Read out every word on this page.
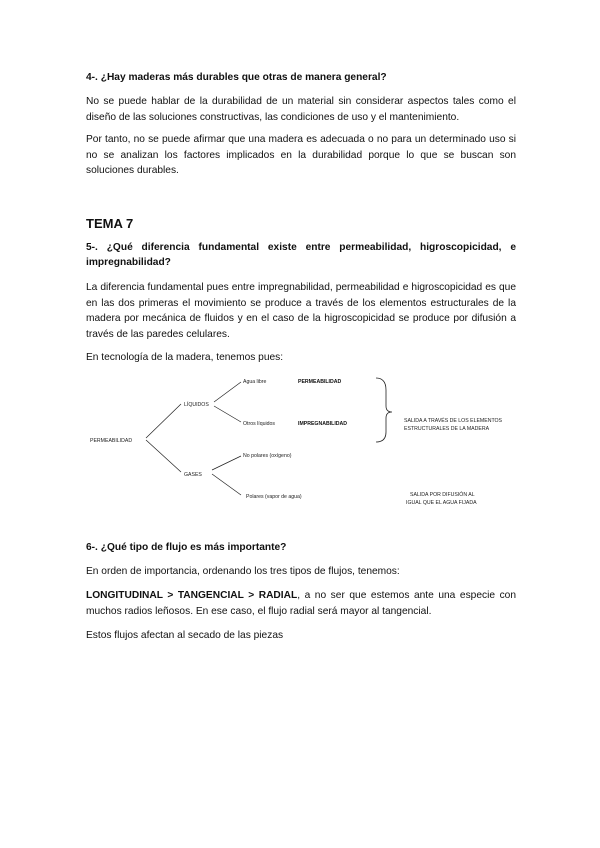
4-. ¿Hay maderas más durables que otras de manera general?
No se puede hablar de la durabilidad de un material sin considerar aspectos tales como el diseño de las soluciones constructivas, las condiciones de uso y el mantenimiento.
Por tanto, no se puede afirmar que una madera es adecuada o no para un determinado uso si no se analizan los factores implicados en la durabilidad porque lo que se buscan son soluciones durables.
TEMA 7
5-. ¿Qué diferencia fundamental existe entre permeabilidad, higroscopicidad, e impregnabilidad?
La diferencia fundamental pues entre impregnabilidad, permeabilidad e higroscopicidad es que en las dos primeras el movimiento se produce a través de los elementos estructurales de la madera por mecánica de fluidos y en el caso de la higroscopicidad se produce por difusión a través de las paredes celulares.
En tecnología de la madera, tenemos pues:
6-. ¿Qué tipo de flujo es más importante?
En orden de importancia, ordenando los tres tipos de flujos, tenemos:
LONGITUDINAL > TANGENCIAL > RADIAL, a no ser que estemos ante una especie con muchos radios leñosos. En ese caso, el flujo radial será mayor al tangencial.
Estos flujos afectan al secado de las piezas
PERMEABILIDAD
LÍQUIDOS
GASES
Agua libre	PERMEABILIDAD
Otros líquidos	IMPREGNABILIDAD
No polares (oxígeno)
Polares (vapor de agua)
SALIDA A TRAVÉS DE LOS ELEMENTOS
ESTRUCTURALES DE LA MADERA
SALIDA POR DIFUSIÓN AL
IGUAL QUE EL AGUA FIJADA
